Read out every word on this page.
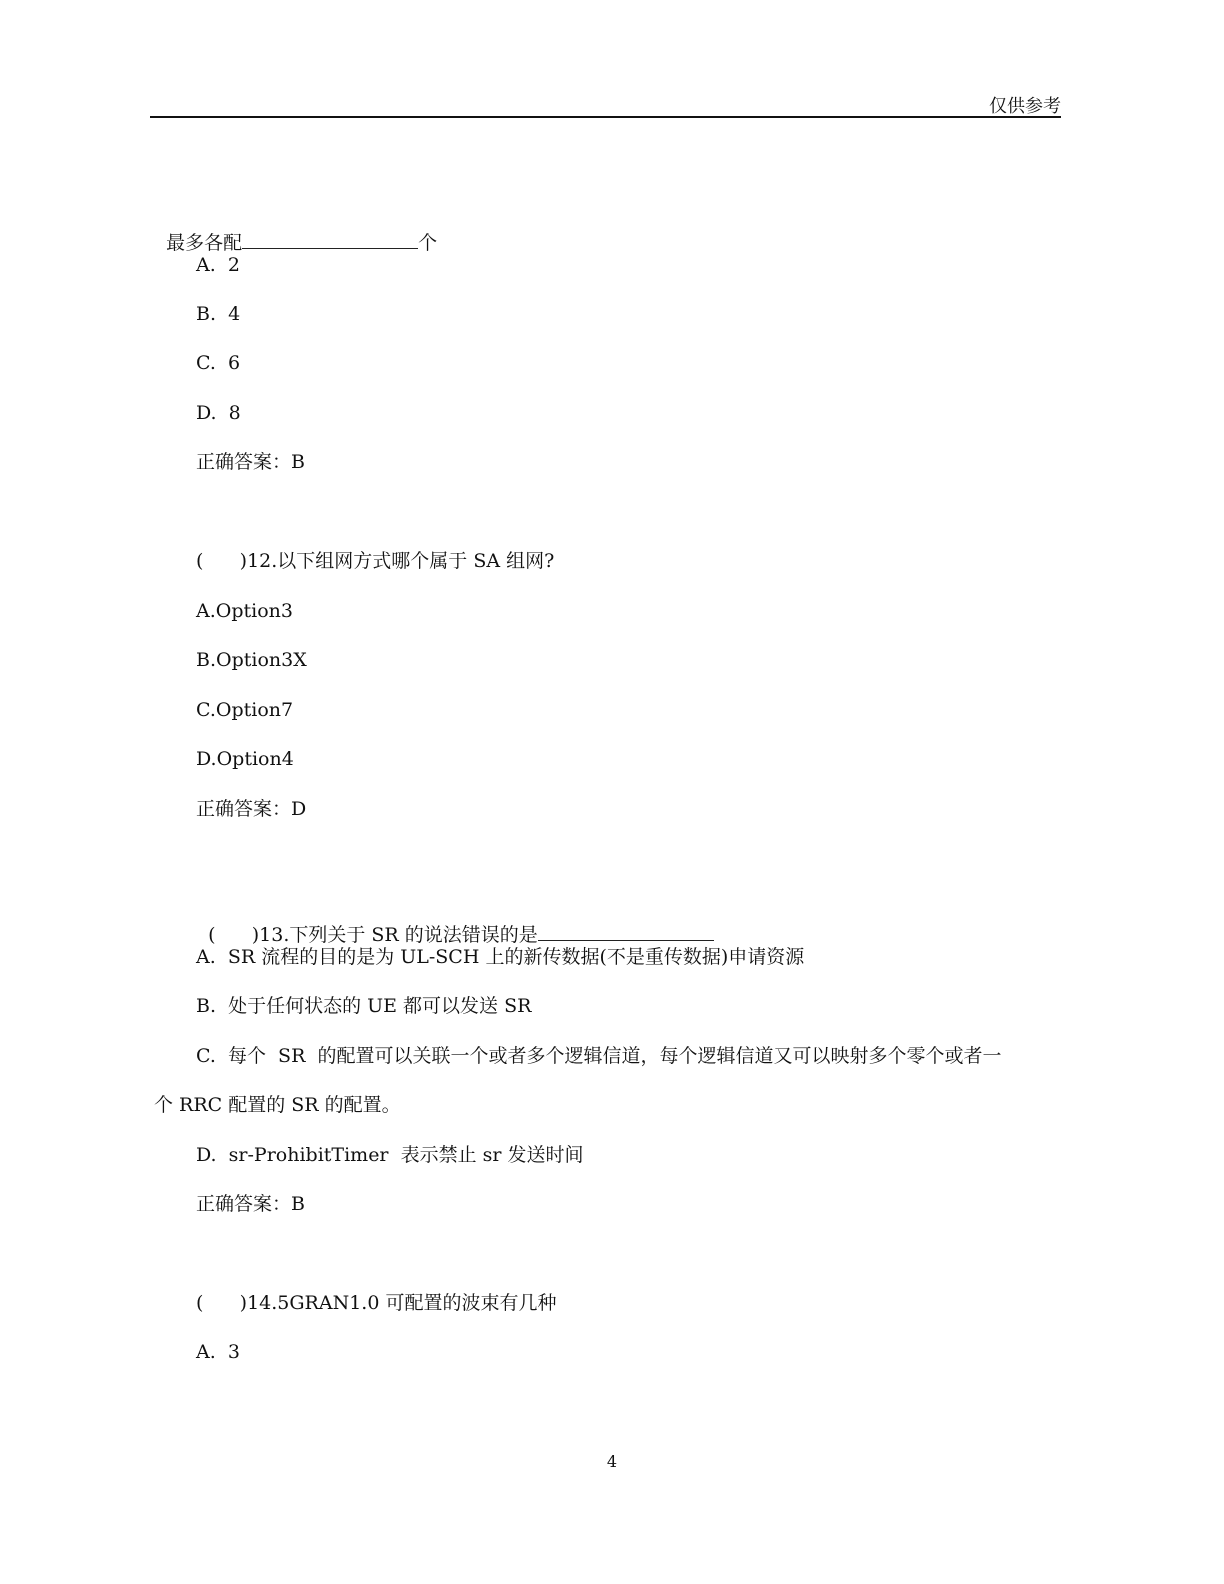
仅供参考

最多各配	个

A.  2
B.  4
C.  6
D.  8
正确答案：B
(      )12.以下组网方式哪个属于 SA 组网?
A.Option3
B.Option3X
C.Option7
D.Option4
正确答案：D

(      )13.下列关于 SR 的说法错误的是

A.  SR 流程的目的是为 UL-SCH 上的新传数据(不是重传数据)申请资源
B.  处于任何状态的 UE 都可以发送 SR
C.  每个  SR  的配置可以关联一个或者多个逻辑信道，每个逻辑信道又可以映射多个零个或者一
个 RRC 配置的 SR 的配置。
D.  sr-ProhibitTimer  表示禁止 sr 发送时间
正确答案：B
(      )14.5GRAN1.0 可配置的波束有几种
A.  3
4
